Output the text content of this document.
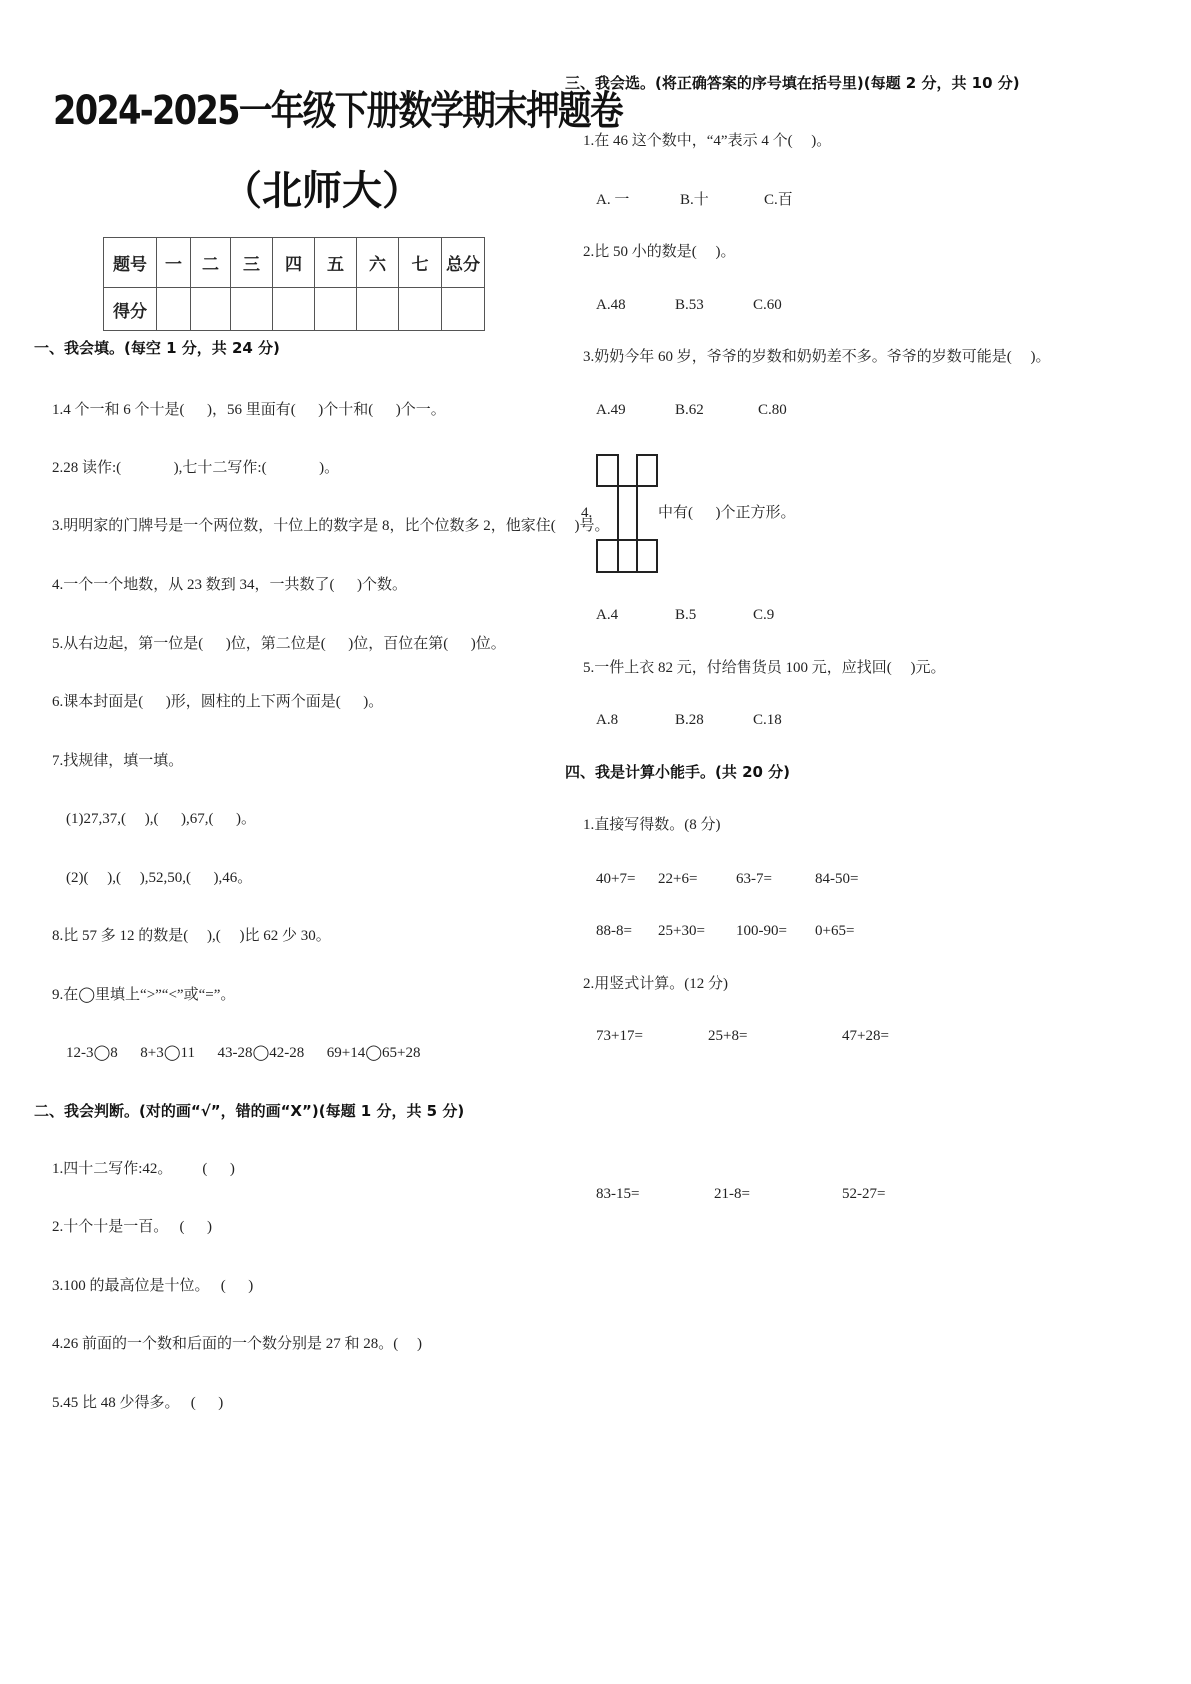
2024-2025一年级下册数学期末押题卷
（北师大）
题号	一	二	三	四	五	六	七	总分
得分								
一、我会填。(每空 1 分，共 24 分)
1.4 个一和 6 个十是(      )，56 里面有(      )个十和(      )个一。
2.28 读作:(              ),七十二写作:(              )。
3.明明家的门牌号是一个两位数，十位上的数字是 8，比个位数多 2，他家住(     )号。
4.一个一个地数，从 23 数到 34，一共数了(      )个数。
5.从右边起，第一位是(      )位，第二位是(      )位，百位在第(      )位。
6.课本封面是(      )形，圆柱的上下两个面是(      )。
7.找规律，填一填。
(1)27,37,(     ),(      ),67,(      )。
(2)(     ),(     ),52,50,(      ),46。
8.比 57 多 12 的数是(     ),(     )比 62 少 30。
9.在◯里填上“>”“<”或“=”。
12-3◯8      8+3◯11      43-28◯42-28      69+14◯65+28
二、我会判断。(对的画“√”，错的画“X”)(每题 1 分，共 5 分)
1.四十二写作:42。        (      )
2.十个十是一百。   (      )
3.100 的最高位是十位。   (      )
4.26 前面的一个数和后面的一个数分别是 27 和 28。(     )
5.45 比 48 少得多。   (      )
三、我会选。(将正确答案的序号填在括号里)(每题 2 分，共 10 分)
1.在 46 这个数中，“4”表示 4 个(     )。
A. 一	B.十	C.百
2.比 50 小的数是(     )。
A.48	B.53	C.60
3.奶奶今年 60 岁，爷爷的岁数和奶奶差不多。爷爷的岁数可能是(     )。
A.49	B.62	C.80
4.	中有(      )个正方形。
A.4	B.5	C.9
5.一件上衣 82 元，付给售货员 100 元，应找回(     )元。
A.8	B.28	C.18
四、我是计算小能手。(共 20 分)
1.直接写得数。(8 分)
40+7= 22+6=	63-7=	84-50=
88-8= 25+30= 100-90= 0+65=
2.用竖式计算。(12 分)
73+17=	25+8=	47+28=
83-15=	21-8=	52-27=
